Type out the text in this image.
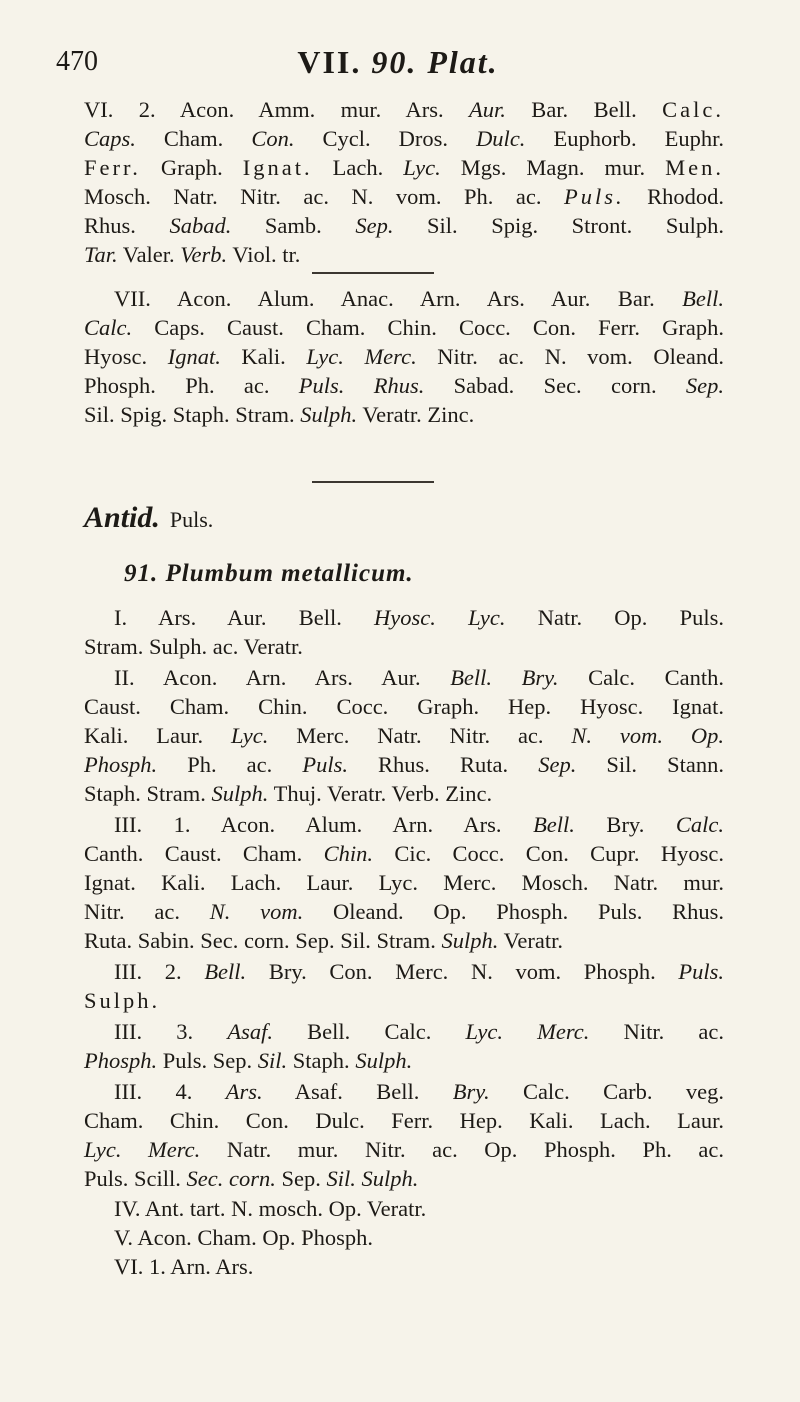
470	VII. 90. Plat.

VI. 2. Acon. Amm. mur. Ars. Aur. Bar. Bell. Calc.

Caps. Cham. Con. Cycl. Dros. Dulc. Euphorb. Euphr.

Ferr. Graph. Ignat. Lach. Lyc. Mgs. Magn. mur. Men.

Mosch. Natr. Nitr. ac. N. vom. Ph. ac. Puls. Rhodod.

Rhus. Sabad. Samb. Sep. Sil. Spig. Stront. Sulph.

Tar. Valer. Verb. Viol. tr.

VII. Acon. Alum. Anac. Arn. Ars. Aur. Bar. Bell.

Calc. Caps. Caust. Cham. Chin. Cocc. Con. Ferr. Graph.

Hyosc. Ignat. Kali. Lyc. Merc. Nitr. ac. N. vom. Oleand.

Phosph. Ph. ac. Puls. Rhus. Sabad. Sec. corn. Sep.

Sil. Spig. Staph. Stram. Sulph. Veratr. Zinc.

Antid. Puls.
91. Plumbum metallicum.

I. Ars. Aur. Bell. Hyosc. Lyc. Natr. Op. Puls.

Stram. Sulph. ac. Veratr.

II. Acon. Arn. Ars. Aur. Bell. Bry. Calc. Canth.

Caust. Cham. Chin. Cocc. Graph. Hep. Hyosc. Ignat.

Kali. Laur. Lyc. Merc. Natr. Nitr. ac. N. vom. Op.

Phosph. Ph. ac. Puls. Rhus. Ruta. Sep. Sil. Stann.

Staph. Stram. Sulph. Thuj. Veratr. Verb. Zinc.

III. 1. Acon. Alum. Arn. Ars. Bell. Bry. Calc.

Canth. Caust. Cham. Chin. Cic. Cocc. Con. Cupr. Hyosc.

Ignat. Kali. Lach. Laur. Lyc. Merc. Mosch. Natr. mur.

Nitr. ac. N. vom. Oleand. Op. Phosph. Puls. Rhus.

Ruta. Sabin. Sec. corn. Sep. Sil. Stram. Sulph. Veratr.

III. 2. Bell. Bry. Con. Merc. N. vom. Phosph. Puls.

Sulph.

III. 3. Asaf. Bell. Calc. Lyc. Merc. Nitr. ac.

Phosph. Puls. Sep. Sil. Staph. Sulph.

III. 4. Ars. Asaf. Bell. Bry. Calc. Carb. veg.

Cham. Chin. Con. Dulc. Ferr. Hep. Kali. Lach. Laur.

Lyc. Merc. Natr. mur. Nitr. ac. Op. Phosph. Ph. ac.

Puls. Scill. Sec. corn. Sep. Sil. Sulph.

IV. Ant. tart. N. mosch. Op. Veratr.

V. Acon. Cham. Op. Phosph.

VI. 1. Arn. Ars.
